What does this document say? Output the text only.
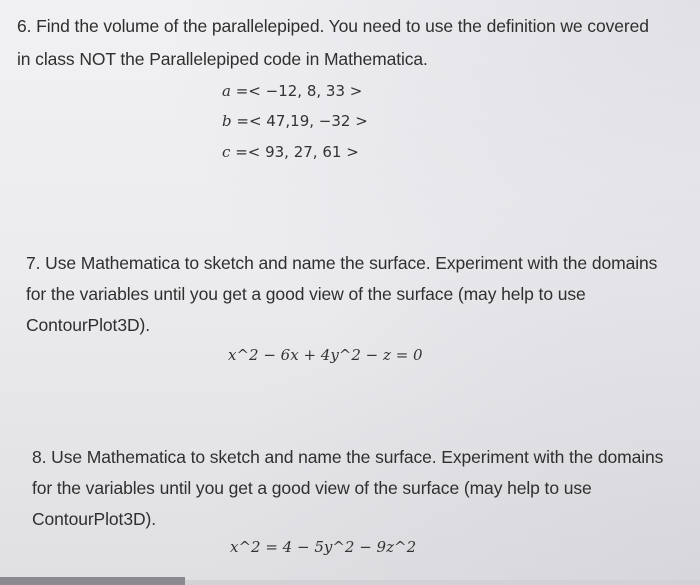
6. Find the volume of the parallelepiped. You need to use the definition we covered
in class NOT the Parallelepiped code in Mathematica.
a =< −12, 8, 33 >
b =< 47,19, −32 >
c =< 93, 27, 61 >
7. Use Mathematica to sketch and name the surface. Experiment with the domains
for the variables until you get a good view of the surface (may help to use
ContourPlot3D).
x^2 − 6x + 4y^2 − z = 0
8. Use Mathematica to sketch and name the surface. Experiment with the domains
for the variables until you get a good view of the surface (may help to use
ContourPlot3D).
x^2 = 4 − 5y^2 − 9z^2
